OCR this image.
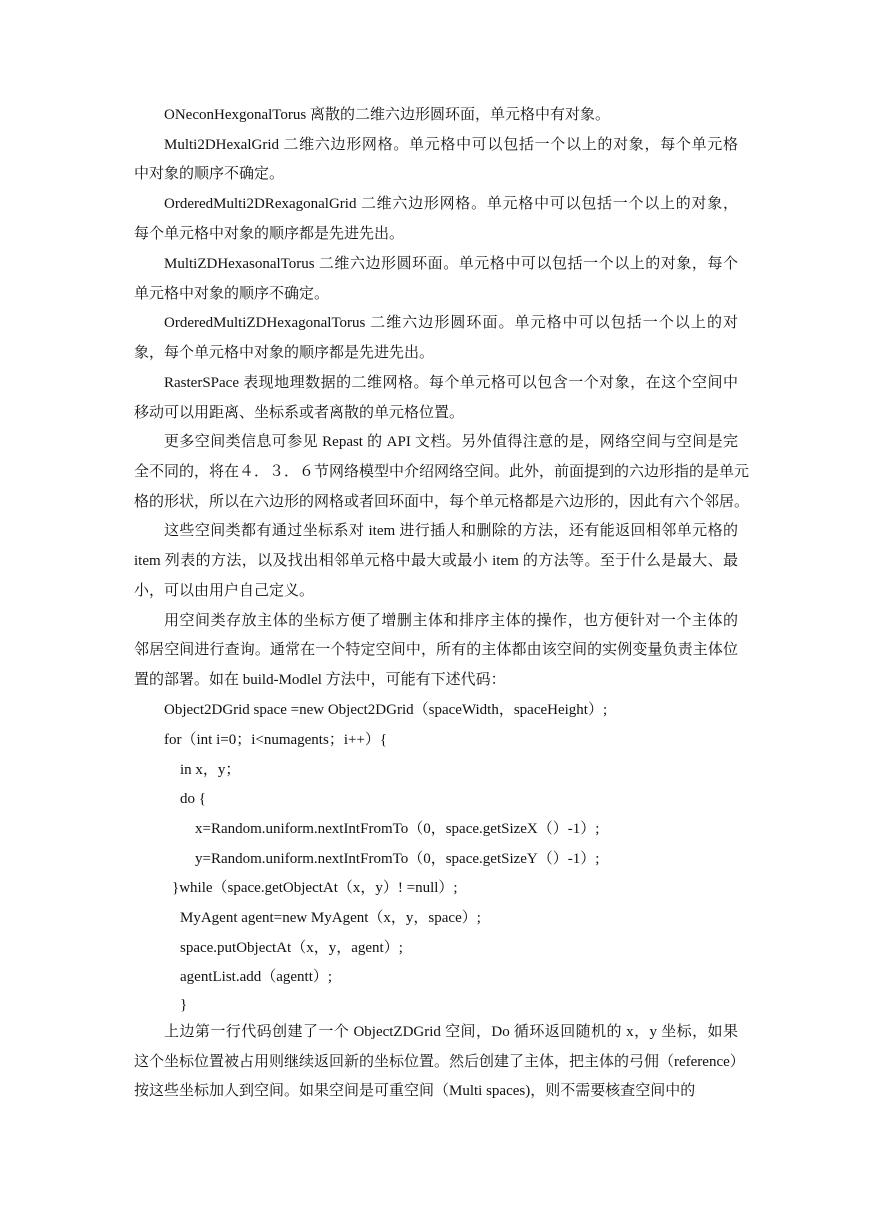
ONeconHexgonalTorus 离散的二维六边形圆环面，单元格中有对象。
Multi2DHexalGrid 二维六边形网格。单元格中可以包括一个以上的对象，每个单元格
中对象的顺序不确定。
OrderedMulti2DRexagonalGrid 二维六边形网格。单元格中可以包括一个以上的对象，
每个单元格中对象的顺序都是先进先出。
MultiZDHexasonalTorus 二维六边形圆环面。单元格中可以包括一个以上的对象，每个
单元格中对象的顺序不确定。
OrderedMultiZDHexagonalTorus 二维六边形圆环面。单元格中可以包括一个以上的对
象，每个单元格中对象的顺序都是先进先出。
RasterSPace 表现地理数据的二维网格。每个单元格可以包含一个对象，在这个空间中
移动可以用距离、坐标系或者离散的单元格位置。
更多空间类信息可参见 Repast 的 API 文档。另外值得注意的是，网络空间与空间是完
全不同的，将在４．３．６节网络模型中介绍网络空间。此外，前面提到的六边形指的是单元
格的形状，所以在六边形的网格或者回环面中，每个单元格都是六边形的，因此有六个邻居。
这些空间类都有通过坐标系对 item 进行插人和删除的方法，还有能返回相邻单元格的
item 列表的方法，以及找出相邻单元格中最大或最小 item 的方法等。至于什么是最大、最
小，可以由用户自己定义。
用空间类存放主体的坐标方便了增删主体和排序主体的操作，也方便针对一个主体的
邻居空间进行查询。通常在一个特定空间中，所有的主体都由该空间的实例变量负责主体位
置的部署。如在 build-Modlel 方法中，可能有下述代码：
Object2DGrid space =new Object2DGrid（spaceWidth，spaceHeight）;
for（int i=0；i<numagents；i++）{
in x，y；
do {
x=Random.uniform.nextIntFromTo（0，space.getSizeX（）-1）;
y=Random.uniform.nextIntFromTo（0，space.getSizeY（）-1）;
}while（space.getObjectAt（x，y）! =null）;
MyAgent agent=new MyAgent（x，y，space）;
space.putObjectAt（x，y，agent）;
agentList.add（agentt）;
}
上边第一行代码创建了一个 ObjectZDGrid 空间，Do 循环返回随机的 x，y 坐标，如果
这个坐标位置被占用则继续返回新的坐标位置。然后创建了主体，把主体的弓佣（reference）
按这些坐标加人到空间。如果空间是可重空间（Multi spaces)，则不需要核查空间中的
